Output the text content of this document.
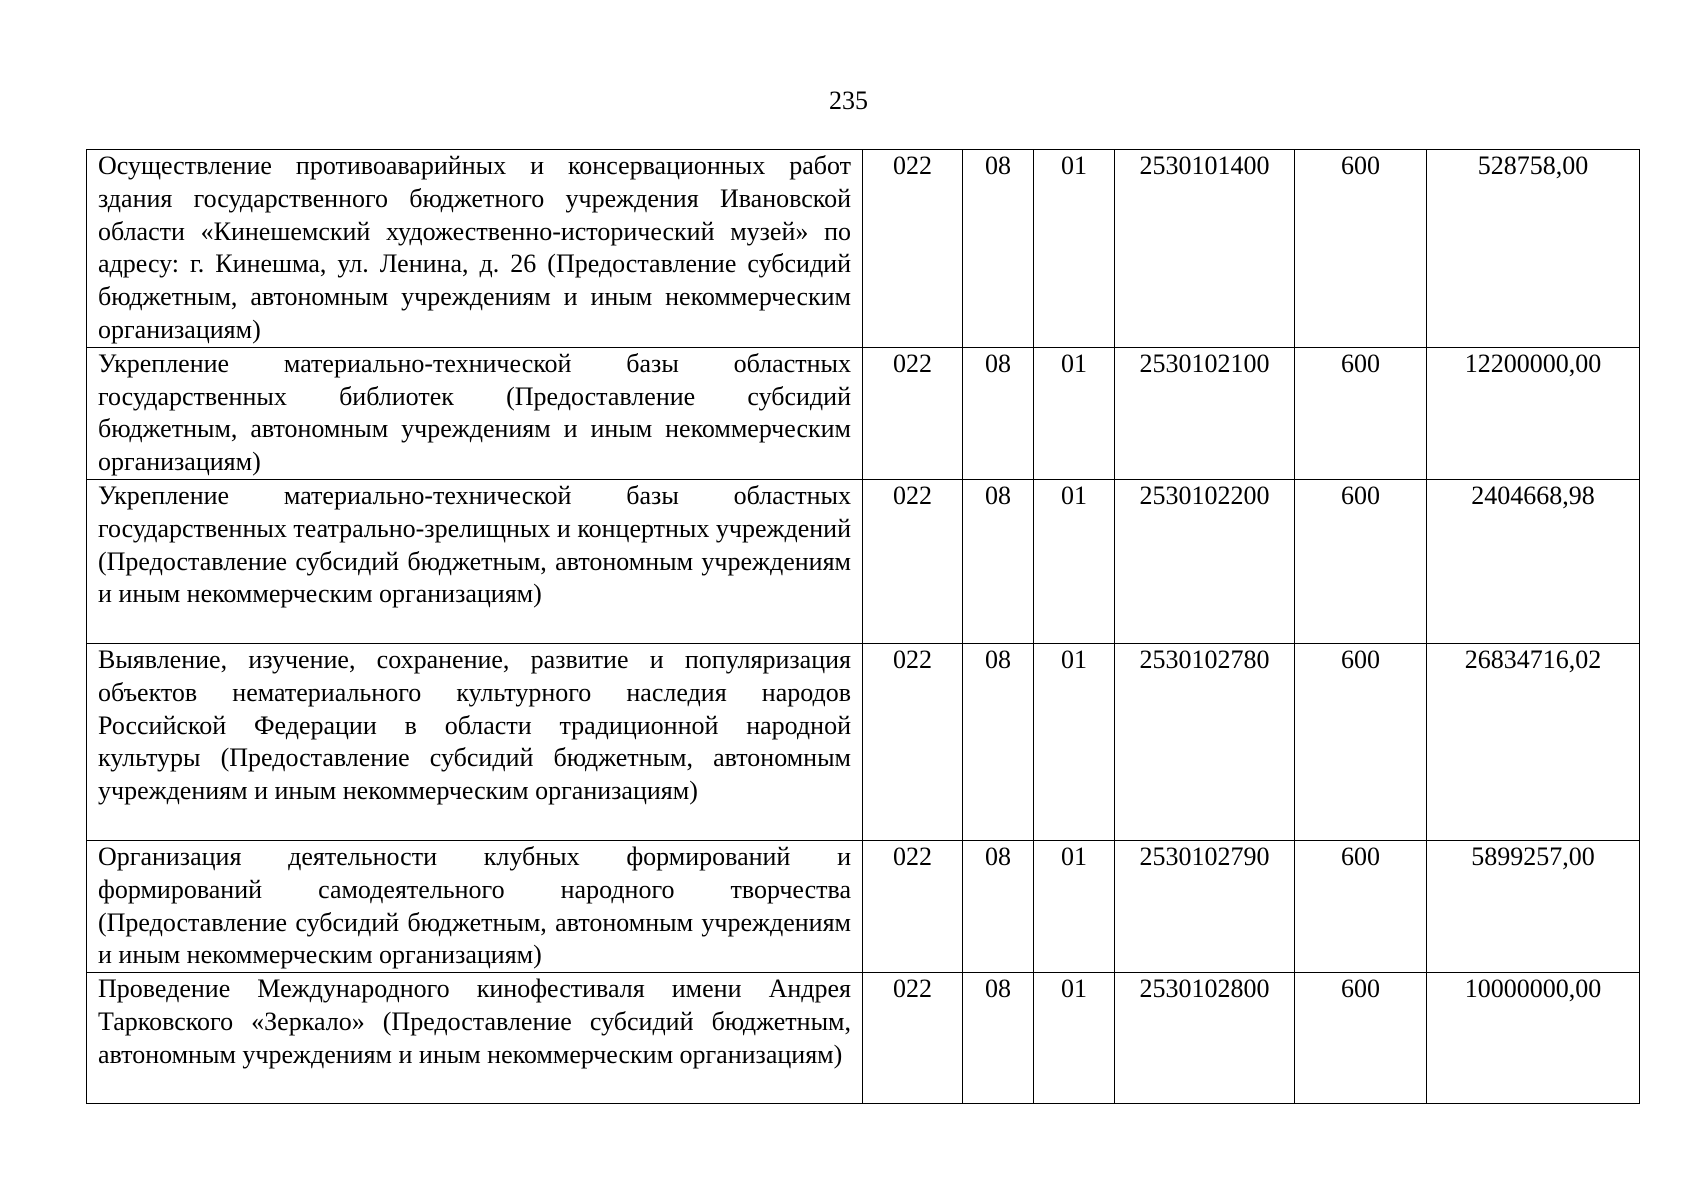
235
Осуществление противоаварийных и консервационных работ здания государственного бюджетного учреждения Ивановской области «Кинешемский художественно-исторический музей» по адресу: г. Кинешма, ул. Ленина, д. 26 (Предоставление субсидий бюджетным, автономным учреждениям и иным некоммерческим организациям)	022	08	01	2530101400	600	528758,00
Укрепление материально-технической базы областных государственных библиотек (Предоставление субсидий бюджетным, автономным учреждениям и иным некоммерческим организациям)	022	08	01	2530102100	600	12200000,00
Укрепление материально-технической базы областных государственных театрально-зрелищных и концертных учреждений (Предоставление субсидий бюджетным, автономным учреждениям и иным некоммерческим организациям)	022	08	01	2530102200	600	2404668,98
Выявление, изучение, сохранение, развитие и популяризация объектов нематериального культурного наследия народов Российской Федерации в области традиционной народной культуры (Предоставление субсидий бюджетным, автономным учреждениям и иным некоммерческим организациям)	022	08	01	2530102780	600	26834716,02
Организация деятельности клубных формирований и формирований самодеятельного народного творчества (Предоставление субсидий бюджетным, автономным учреждениям и иным некоммерческим организациям)	022	08	01	2530102790	600	5899257,00
Проведение Международного кинофестиваля имени Андрея Тарковского «Зеркало» (Предоставление субсидий бюджетным, автономным учреждениям и иным некоммерческим организациям)	022	08	01	2530102800	600	10000000,00
